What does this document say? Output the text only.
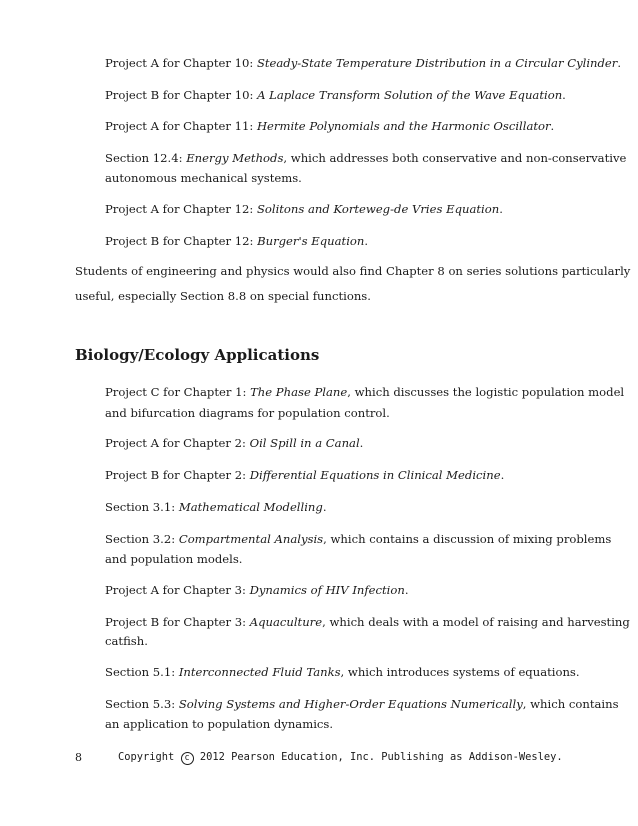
Project A for Chapter 10: Steady-State Temperature Distribution in a Circular Cylinder.
Project B for Chapter 10: A Laplace Transform Solution of the Wave Equation.
Project A for Chapter 11: Hermite Polynomials and the Harmonic Oscillator.
Section 12.4: Energy Methods, which addresses both conservative and non-conservative
autonomous mechanical systems.
Project A for Chapter 12: Solitons and Korteweg-de Vries Equation.
Project B for Chapter 12: Burger's Equation.
Students of engineering and physics would also find Chapter 8 on series solutions particularly
useful, especially Section 8.8 on special functions.
Biology/Ecology Applications
Project C for Chapter 1: The Phase Plane, which discusses the logistic population model
and bifurcation diagrams for population control.
Project A for Chapter 2: Oil Spill in a Canal.
Project B for Chapter 2: Differential Equations in Clinical Medicine.
Section 3.1: Mathematical Modelling.
Section 3.2: Compartmental Analysis, which contains a discussion of mixing problems
and population models.
Project A for Chapter 3: Dynamics of HIV Infection.
Project B for Chapter 3: Aquaculture, which deals with a model of raising and harvesting
catfish.
Section 5.1: Interconnected Fluid Tanks, which introduces systems of equations.
Section 5.3: Solving Systems and Higher-Order Equations Numerically, which contains
an application to population dynamics.
8	Copyright c 2012 Pearson Education, Inc. Publishing as Addison-Wesley.
